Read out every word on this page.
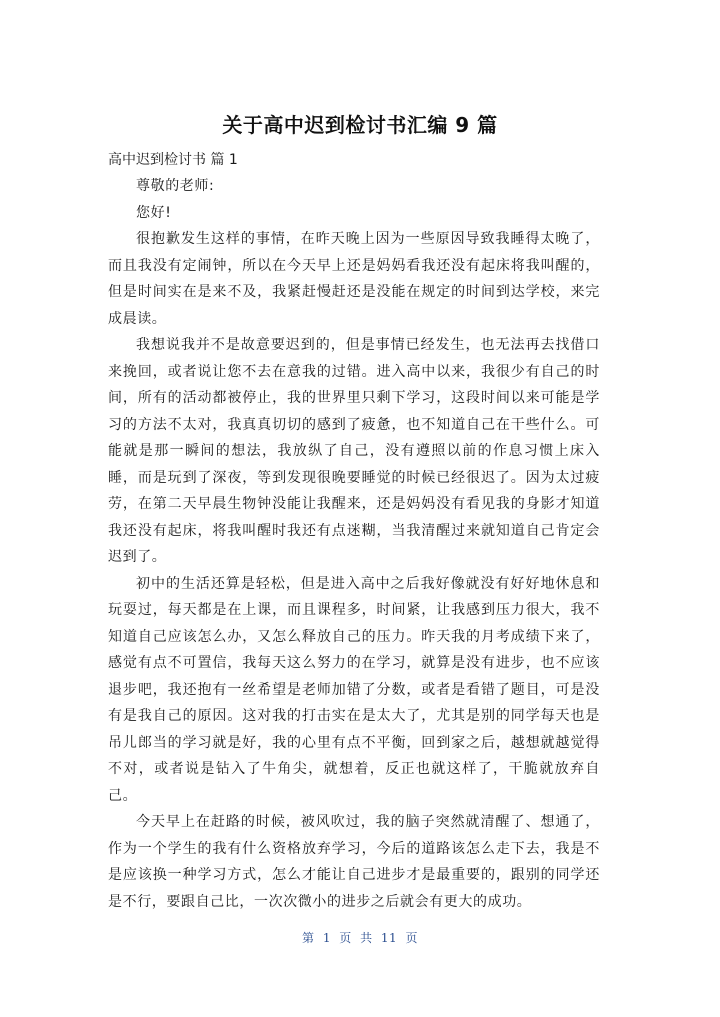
关于高中迟到检讨书汇编 9 篇
高中迟到检讨书 篇 1

尊敬的老师:

您好!

很抱歉发生这样的事情，在昨天晚上因为一些原因导致我睡得太晚了，而且我没有定闹钟，所以在今天早上还是妈妈看我还没有起床将我叫醒的，但是时间实在是来不及，我紧赶慢赶还是没能在规定的时间到达学校，来完成晨读。

我想说我并不是故意要迟到的，但是事情已经发生，也无法再去找借口来挽回，或者说让您不去在意我的过错。进入高中以来，我很少有自己的时间，所有的活动都被停止，我的世界里只剩下学习，这段时间以来可能是学习的方法不太对，我真真切切的感到了疲惫，也不知道自己在干些什么。可能就是那一瞬间的想法，我放纵了自己，没有遵照以前的作息习惯上床入睡，而是玩到了深夜，等到发现很晚要睡觉的时候已经很迟了。因为太过疲劳，在第二天早晨生物钟没能让我醒来，还是妈妈没有看见我的身影才知道我还没有起床，将我叫醒时我还有点迷糊，当我清醒过来就知道自己肯定会迟到了。

初中的生活还算是轻松，但是进入高中之后我好像就没有好好地休息和玩耍过，每天都是在上课，而且课程多，时间紧，让我感到压力很大，我不知道自己应该怎么办，又怎么释放自己的压力。昨天我的月考成绩下来了，感觉有点不可置信，我每天这么努力的在学习，就算是没有进步，也不应该退步吧，我还抱有一丝希望是老师加错了分数，或者是看错了题目，可是没有是我自己的原因。这对我的打击实在是太大了，尤其是别的同学每天也是吊儿郎当的学习就是好，我的心里有点不平衡，回到家之后，越想就越觉得不对，或者说是钻入了牛角尖，就想着，反正也就这样了，干脆就放弃自己。

今天早上在赶路的时候，被风吹过，我的脑子突然就清醒了、想通了，作为一个学生的我有什么资格放弃学习，今后的道路该怎么走下去，我是不是应该换一种学习方式，怎么才能让自己进步才是最重要的，跟别的同学还是不行，要跟自己比，一次次微小的进步之后就会有更大的成功。

第 1 页 共 11 页
